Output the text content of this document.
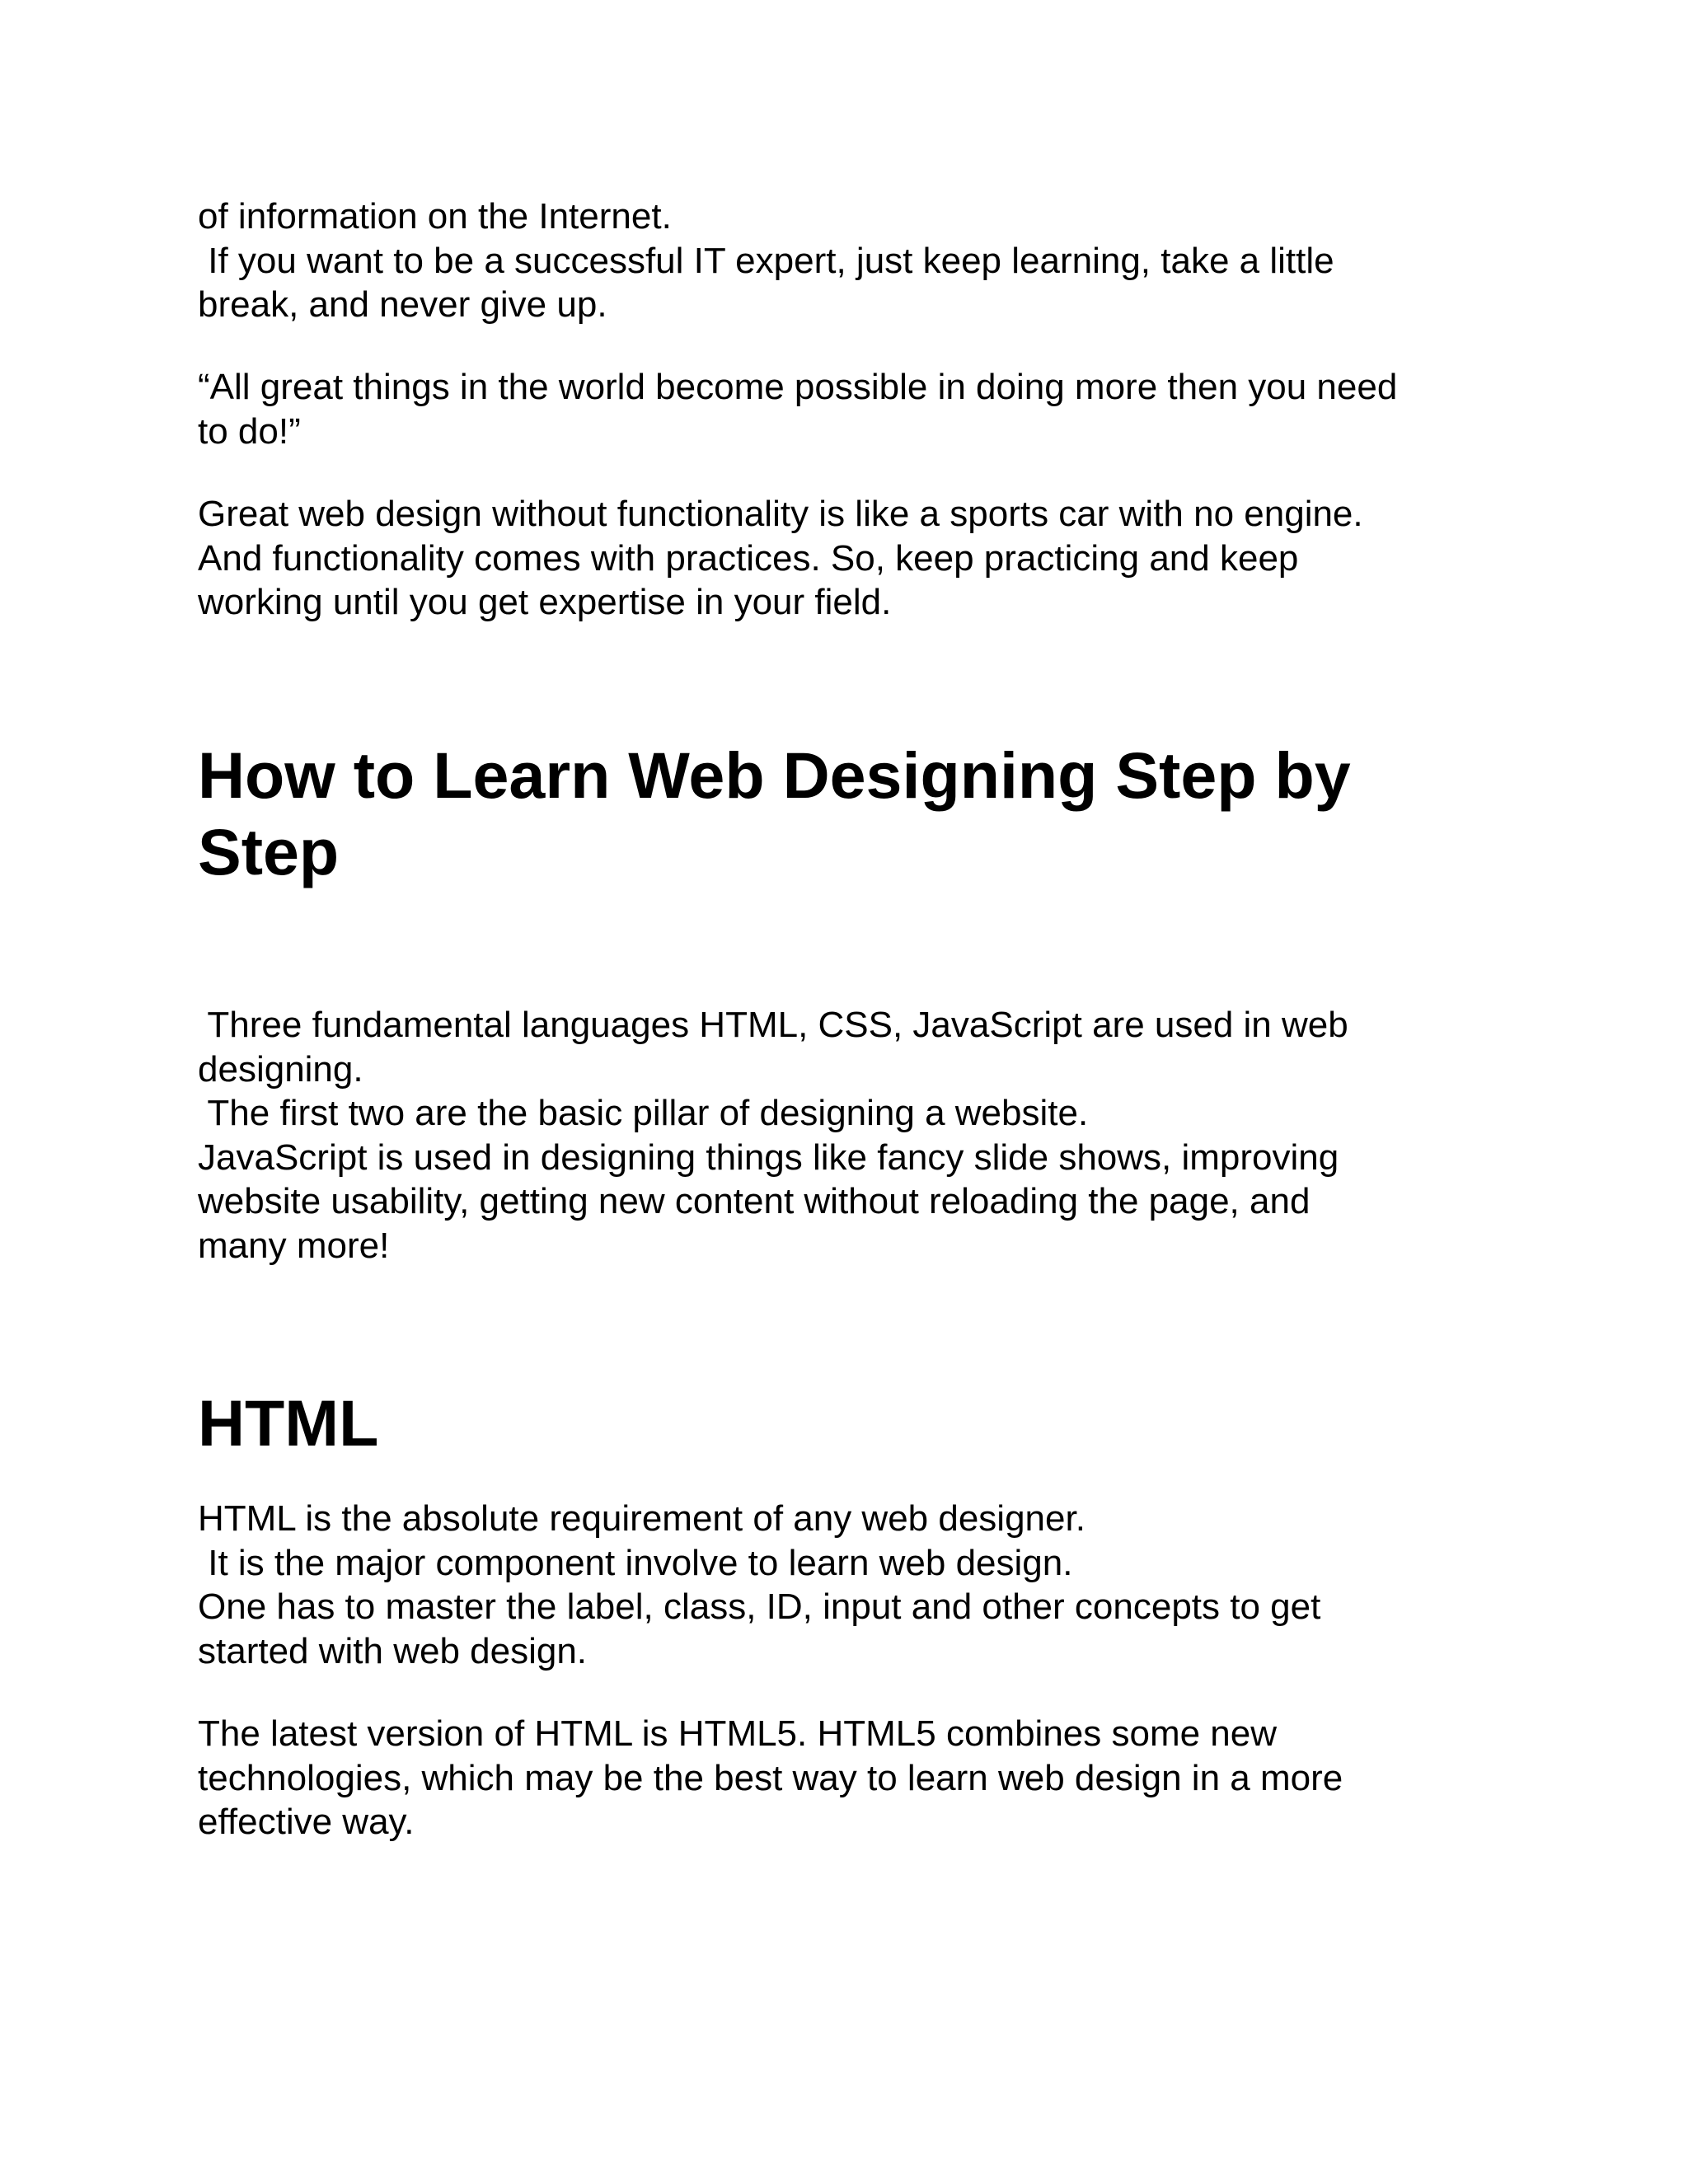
of information on the Internet.
If you want to be a successful IT expert, just keep learning, take a little
break, and never give up.

“All great things in the world become possible in doing more then you need
to do!”

Great web design without functionality is like a sports car with no engine.
And functionality comes with practices. So, keep practicing and keep
working until you get expertise in your field.

How to Learn Web Designing Step by
Step

Three fundamental languages HTML, CSS, JavaScript are used in web
designing.
The first two are the basic pillar of designing a website.
JavaScript is used in designing things like fancy slide shows, improving
website usability, getting new content without reloading the page, and
many more!

HTML

HTML is the absolute requirement of any web designer.
It is the major component involve to learn web design.
One has to master the label, class, ID, input and other concepts to get
started with web design.

The latest version of HTML is HTML5. HTML5 combines some new
technologies, which may be the best way to learn web design in a more
effective way.
